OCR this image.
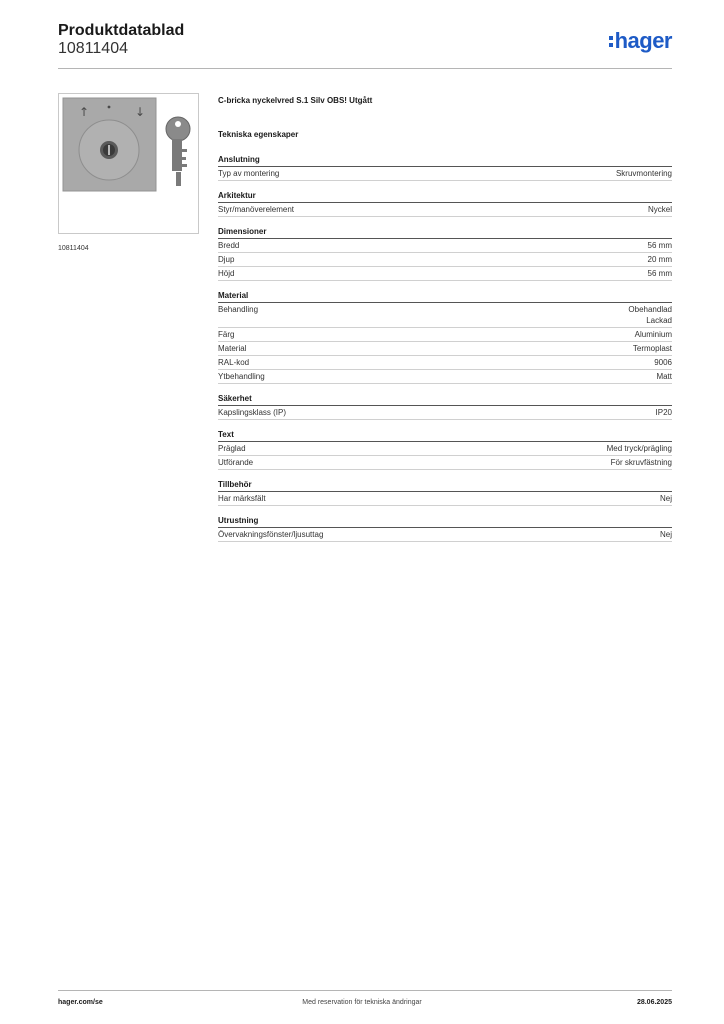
Produktdatablad
10811404	hager
↑	↓
10811404
C-bricka nyckelvred S.1 Silv OBS! Utgått
Tekniska egenskaper
Anslutning
Typ av montering	Skruvmontering
Arkitektur
Styr/manöverelement	Nyckel
Dimensioner
Bredd	56 mm
Djup	20 mm
Höjd	56 mm
Material
Behandling	Obehandlad
Lackad
Färg	Aluminium
Material	Termoplast
RAL-kod	9006
Ytbehandling	Matt
Säkerhet
Kapslingsklass (IP)	IP20
Text
Präglad	Med tryck/prägling
Utförande	För skruvfästning
Tillbehör
Har märksfält	Nej
Utrustning
Övervakningsfönster/ljusuttag	Nej
hager.com/se	Med reservation för tekniska ändringar	28.06.2025
